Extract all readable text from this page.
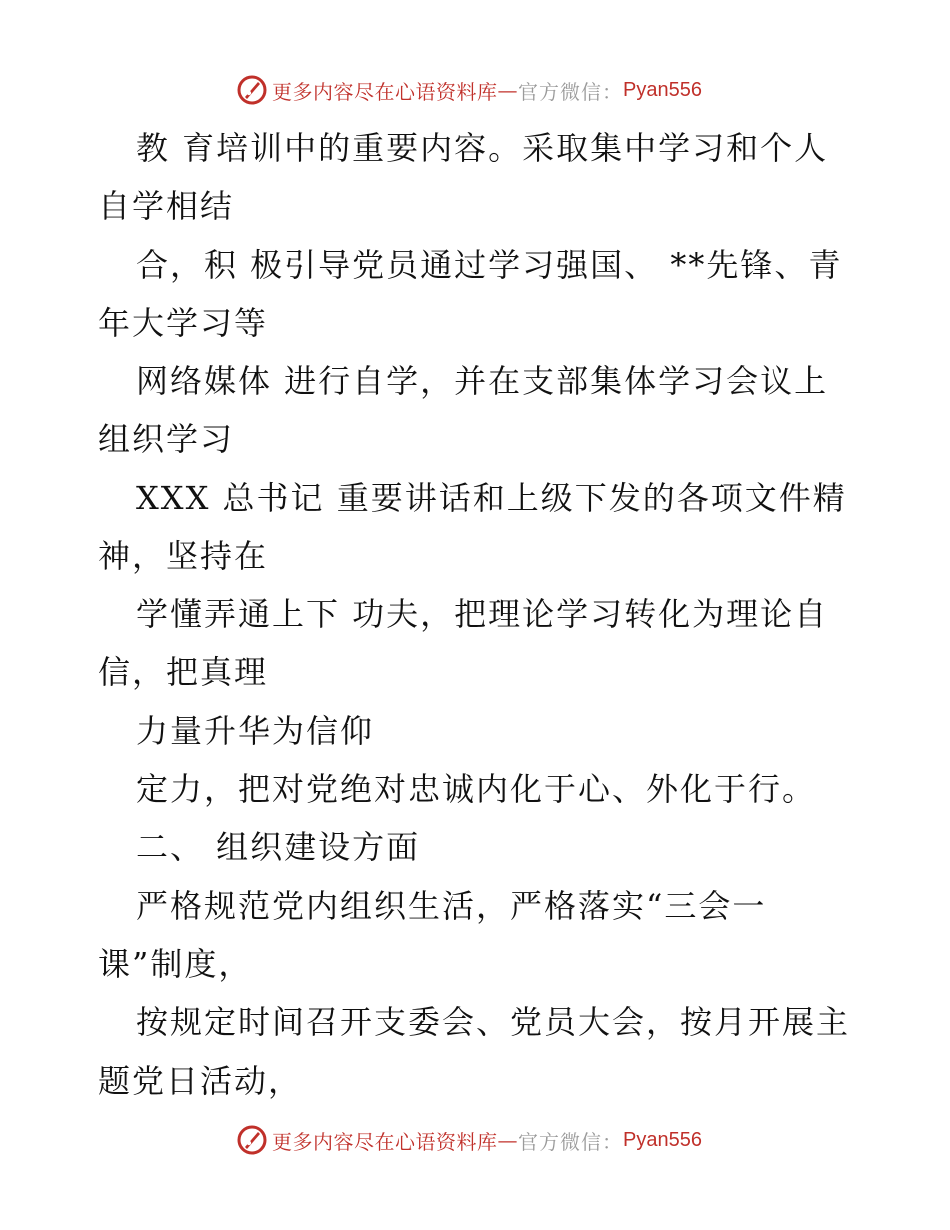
更多内容尽在心语资料库 — 官方微信： Pyan556
教 育培训中的重要内容。采取集中学习和个人
自学相结
合，积 极引导党员通过学习强国、 **先锋、青
年大学习等
网络媒体 进行自学，并在支部集体学习会议上
组织学习
XXX 总书记 重要讲话和上级下发的各项文件精
神，坚持在
学懂弄通上下 功夫，把理论学习转化为理论自
信，把真理
力量升华为信仰
定力，把对党绝对忠诚内化于心、外化于行。
二、 组织建设方面
严格规范党内组织生活，严格落实“三会一
课”制度，
按规定时间召开支委会、党员大会，按月开展主
题党日活动，
更多内容尽在心语资料库 — 官方微信： Pyan556
